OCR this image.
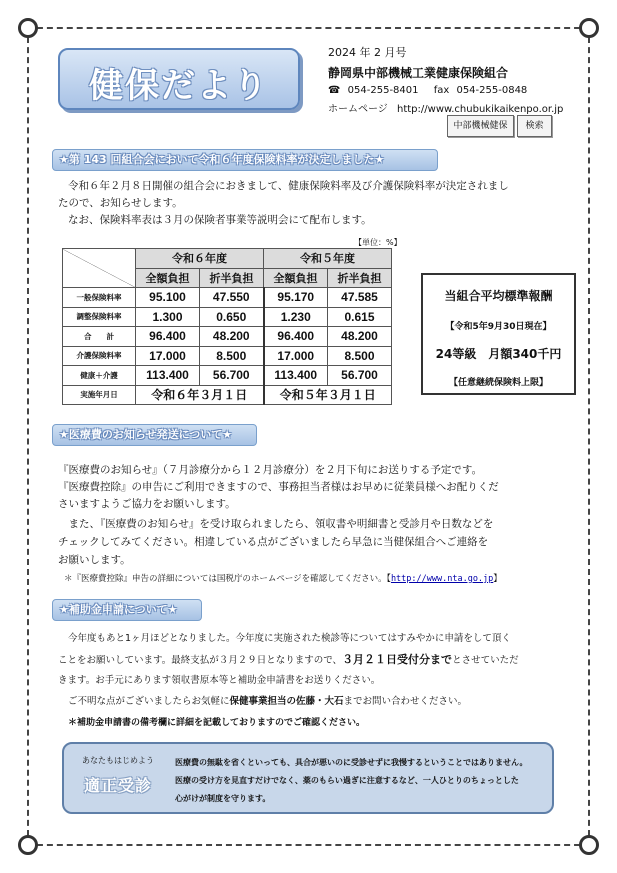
健保だより
2024 年 2 月号
静岡県中部機械工業健康保険組合
☎ 054-255-8401 fax 054-255-0848
ホームページ http://www.chubukikaikenpo.or.jp
中部機械健保	検索
★第 143 回組合会において令和６年度保険料率が決定しました★
令和６年２月８日開催の組合会におきまして、健康保険料率及び介護保険料率が決定されまし
たので、お知らせします。
なお、保険料率表は３月の保険者事業等説明会にて配布します。
【単位：%】
	令和６年度		令和５年度	
	全額負担	折半負担	全額負担	折半負担
一般保険料率	95.100	47.550	95.170	47.585
調整保険料率	1.300	0.650	1.230	0.615
合　　計	96.400	48.200	96.400	48.200
介護保険料率	17.000	8.500	17.000	8.500
健康＋介護	113.400	56.700	113.400	56.700
実施年月日	令和６年３月１日		令和５年３月１日	
当組合平均標準報酬
【令和5年9月30日現在】
24等級　月額340千円
【任意継続保険料上限】
★医療費のお知らせ発送について★
『医療費のお知らせ』（７月診療分から１２月診療分）を２月下旬にお送りする予定です。
『医療費控除』の申告にご利用できますので、事務担当者様はお早めに従業員様へお配りくだ
さいますようご協力をお願いします。
　また、『医療費のお知らせ』を受け取られましたら、領収書や明細書と受診月や日数などを
チェックしてみてください。相違している点がございましたら早急に当健保組合へご連絡を
お願いします。
＊『医療費控除』申告の詳細については国税庁のホームページを確認してください。【http://www.nta.go.jp】
★補助金申請について★
今年度もあと1ヶ月ほどとなりました。今年度に実施された検診等についてはすみやかに申請をして頂く
ことをお願いしています。最終支払が３月２９日となりますので、３月２１日受付分までとさせていただ
きます。お手元にあります領収書原本等と補助金申請書をお送りください。
ご不明な点がございましたらお気軽に保健事業担当の佐藤・大石までお問い合わせください。
＊補助金申請書の備考欄に詳細を記載しておりますのでご確認ください。
あなたもはじめよう
適正受診
医療費の無駄を省くといっても、具合が悪いのに受診せずに我慢するということではありません。
医療の受け方を見直すだけでなく、薬のもらい過ぎに注意するなど、一人ひとりのちょっとした
心がけが制度を守ります。
